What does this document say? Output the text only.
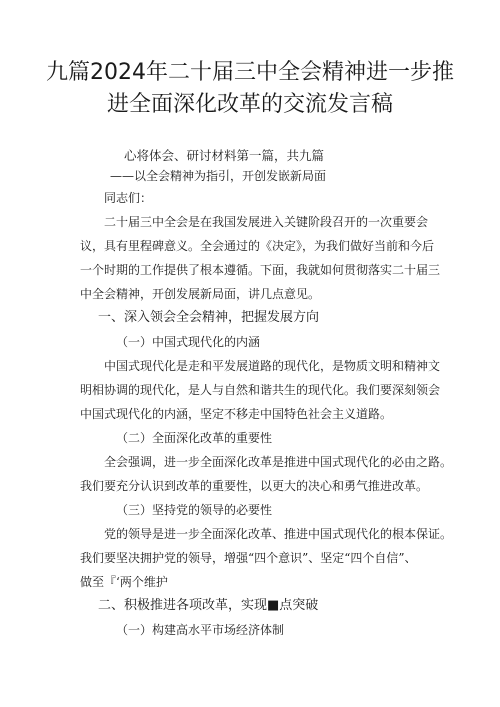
九篇2024年二十届三中全会精神进一步推
进全面深化改革的交流发言稿
心将体会、研讨材料第一篇，共九篇
——以全会精神为指引，开创发嵌新局面
同志们：
二十届三中全会是在我国发展进入关键阶段召开的一次重要会
议，具有里程碑意义。全会通过的《决定》，为我们做好当前和今后
一个时期的工作提供了根本遵循。下面，我就如何贯彻落实二十届三
中全会精神，开创发展新局面，讲几点意见。
一、深入领会全会精神，把握发展方向
（一）中国式现代化的内涵
中国式现代化是走和平发展道路的现代化，是物质文明和精神文
明相协调的现代化，是人与自然和谐共生的现代化。我们要深刻领会
中国式现代化的内涵，坚定不移走中国特色社会主义道路。
（二）全面深化改革的重要性
全会强调，进一步全面深化改革是推进中国式现代化的必由之路。
我们要充分认识到改革的重要性，以更大的决心和勇气推进改革。
（三）坚持党的领导的必要性
党的领导是进一步全面深化改革、推进中国式现代化的根本保证。
我们要坚决拥护党的领导，增强“四个意识”、坚定“四个自信”、
做至『‘两个维护
二、积极推进各项改革，实现■点突破
（一）构建高水平市场经济体制
